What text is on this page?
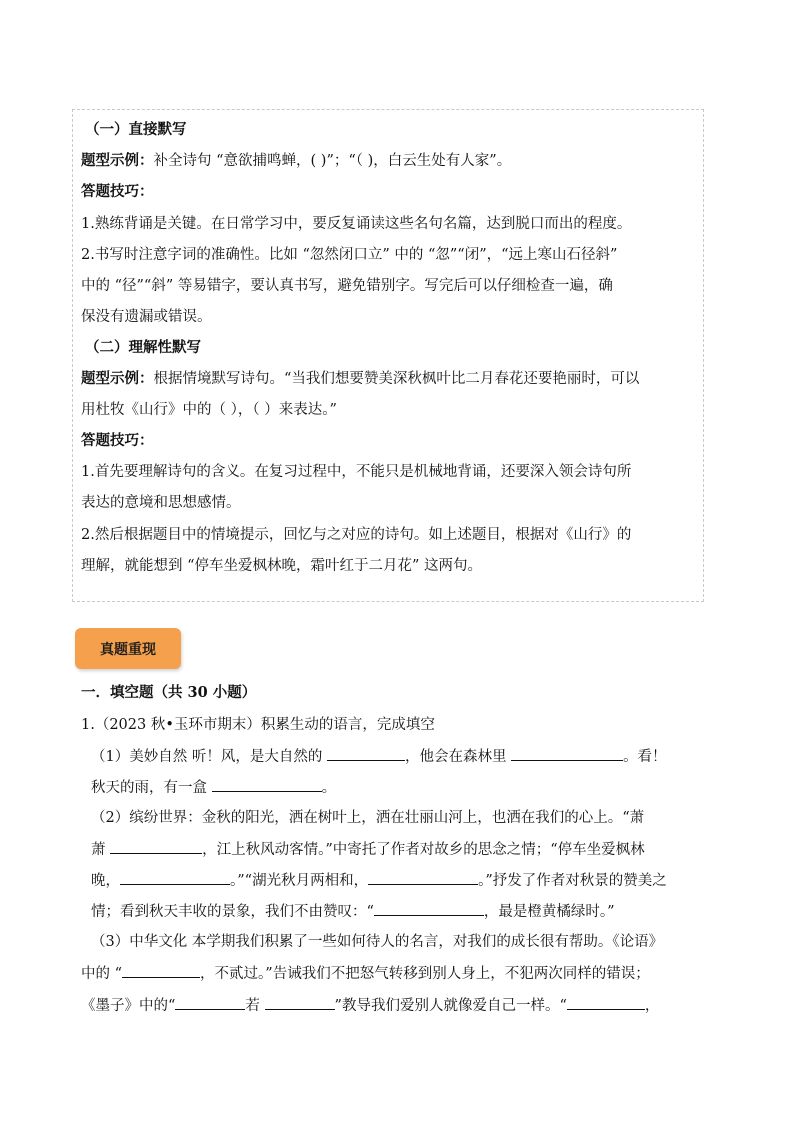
（一）直接默写
题型示例：补全诗句 “意欲捕鸣蝉，( )”；“（ )，白云生处有人家”。
答题技巧：
1.熟练背诵是关键。在日常学习中，要反复诵读这些名句名篇，达到脱口而出的程度。
2.书写时注意字词的准确性。比如 “忽然闭口立” 中的 “忽”“闭”，“远上寒山石径斜”
中的 “径”“斜” 等易错字，要认真书写，避免错别字。写完后可以仔细检查一遍，确
保没有遗漏或错误。
（二）理解性默写
题型示例：根据情境默写诗句。“当我们想要赞美深秋枫叶比二月春花还要艳丽时，可以
用杜牧《山行》中的（ ），（ ）来表达。”
答题技巧：
1.首先要理解诗句的含义。在复习过程中，不能只是机械地背诵，还要深入领会诗句所
表达的意境和思想感情。
2.然后根据题目中的情境提示，回忆与之对应的诗句。如上述题目，根据对《山行》的
理解，就能想到 “停车坐爱枫林晚，霜叶红于二月花” 这两句。
真题重现
一．填空题（共 30 小题）
1.（2023 秋•玉环市期末）积累生动的语言，完成填空
（1）美妙自然 听！风，是大自然的	，他会在森林里	。看！
秋天的雨，有一盒	。
（2）缤纷世界：金秋的阳光，洒在树叶上，洒在壮丽山河上，也洒在我们的心上。“萧
萧	，江上秋风动客情。”中寄托了作者对故乡的思念之情；“停车坐爱枫林
晚，	。”“湖光秋月两相和，	。”抒发了作者对秋景的赞美之
情；看到秋天丰收的景象，我们不由赞叹：“	，最是橙黄橘绿时。”
（3）中华文化 本学期我们积累了一些如何待人的名言，对我们的成长很有帮助。《论语》
中的 “	，不贰过。”告诫我们不把怒气转移到别人身上，不犯两次同样的错误；
《墨子》中的“	若	”教导我们爱别人就像爱自己一样。“	，
